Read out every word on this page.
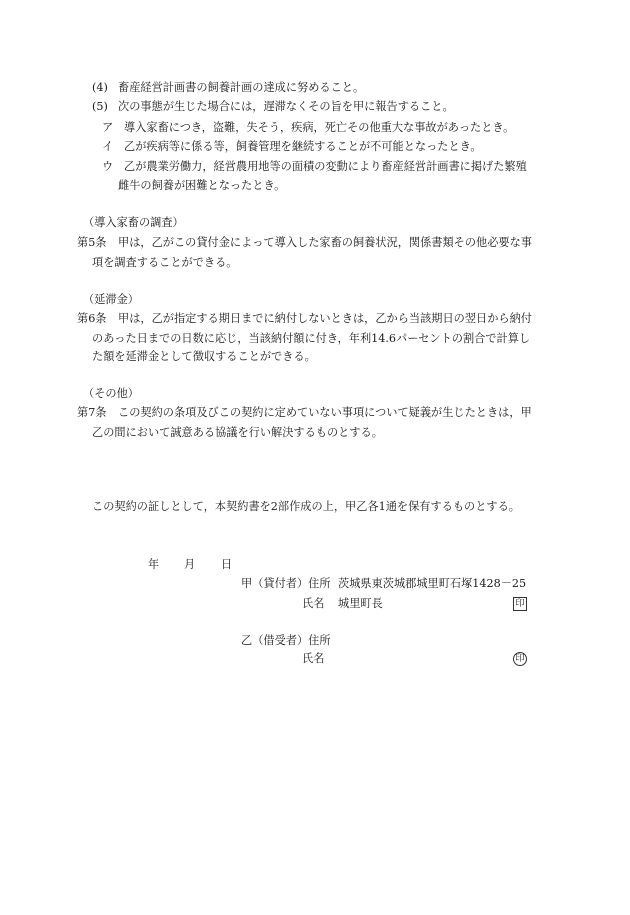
(4) 畜産経営計画書の飼養計画の達成に努めること。
(5) 次の事態が生じた場合には，遅滞なくその旨を甲に報告すること。
ア 導入家畜につき，盗難，失そう，疾病，死亡その他重大な事故があったとき。
イ 乙が疾病等に係る等，飼養管理を継続することが不可能となったとき。
ウ 乙が農業労働力，経営農用地等の面積の変動により畜産経営計画書に掲げた繁殖
雌牛の飼養が困難となったとき。
（導入家畜の調査）
第5条 甲は，乙がこの貸付金によって導入した家畜の飼養状況，関係書類その他必要な事
項を調査することができる。
（延滞金）
第6条 甲は，乙が指定する期日までに納付しないときは，乙から当該期日の翌日から納付
のあった日までの日数に応じ，当該納付額に付き，年利14.6パーセントの割合で計算し
た額を延滞金として徴収することができる。
（その他）
第7条 この契約の条項及びこの契約に定めていない事項について疑義が生じたときは，甲
乙の間において誠意ある協議を行い解決するものとする。
この契約の証しとして，本契約書を2部作成の上，甲乙各1通を保有するものとする。
年 月 日
甲（貸付者）住所 茨城県東茨城郡城里町石塚1428－25
氏名 城里町長	印
乙（借受者）住所
氏名	印
